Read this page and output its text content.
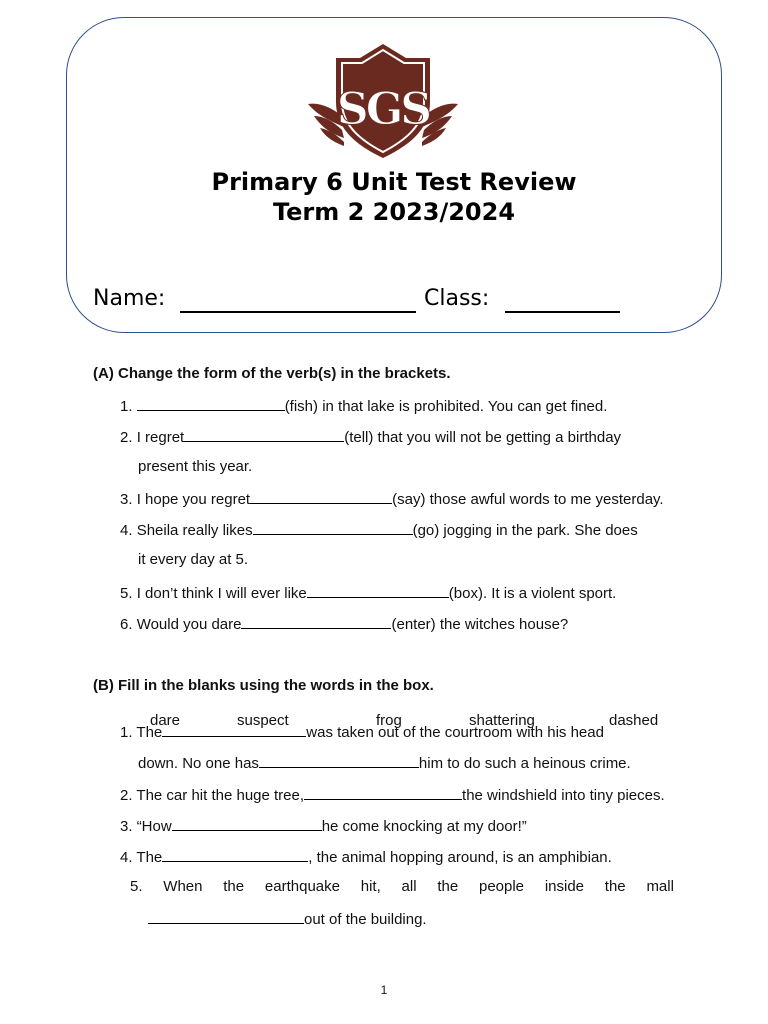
SGS
Primary 6 Unit Test Review
Term 2 2023/2024
Name:	Class:
(A) Change the form of the verb(s) in the brackets.
1.	(fish) in that lake is prohibited. You can get fined.
2. I regret	(tell) that you will not be getting a birthday
present this year.
3. I hope you regret	(say) those awful words to me yesterday.
4. Sheila really likes	(go) jogging in the park. She does
it every day at 5.
5. I don’t think I will ever like	(box). It is a violent sport.
6. Would you dare	(enter) the witches house?
(B) Fill in the blanks using the words in the box.
dare	suspect	frog	shattering	dashed
1. The	was taken out of the courtroom with his head
down. No one has	him to do such a heinous crime.
2. The car hit the huge tree,	the windshield into tiny pieces.
3. “How	he come knocking at my door!”
4. The	, the animal hopping around, is an amphibian.
5. When the earthquake hit, all the people inside the mall
out of the building.
1
